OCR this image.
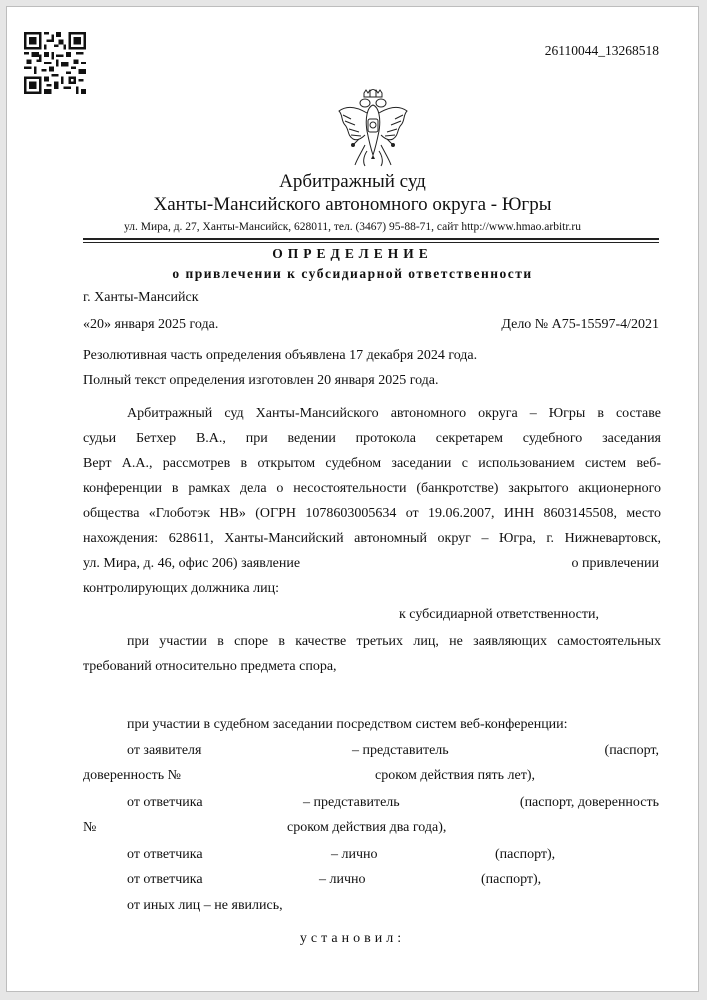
26110044_13268518
Арбитражный суд
Ханты-Мансийского автономного округа - Югры
ул. Мира, д. 27, Ханты-Мансийск, 628011, тел. (3467) 95-88-71, сайт http://www.hmao.arbitr.ru
ОПРЕДЕЛЕНИЕ
о привлечении к субсидиарной ответственности
г. Ханты-Мансийск
«20» января 2025 года.	Дело № А75-15597-4/2021
Резолютивная часть определения объявлена 17 декабря 2024 года.
Полный текст определения изготовлен 20 января 2025 года.
Арбитражный суд Ханты-Мансийского автономного округа – Югры в составе
судьи Бетхер В.А., при ведении протокола секретарем судебного заседания
Верт А.А., рассмотрев в открытом судебном заседании с использованием систем веб-
конференции в рамках дела о несостоятельности (банкротстве) закрытого акционерного
общества «Глоботэк НВ» (ОГРН 1078603005634 от 19.06.2007, ИНН 8603145508, место
нахождения: 628611, Ханты-Мансийский автономный округ – Югра, г. Нижневартовск,
ул. Мира, д. 46, офис 206) заявление	о привлечении
контролирующих должника лиц:
к субсидиарной ответственности,
при участии в споре в качестве третьих лиц, не заявляющих самостоятельных
требований относительно предмета спора,
при участии в судебном заседании посредством систем веб-конференции:
от заявителя	– представитель	(паспорт,
доверенность №	сроком действия пять лет),
от ответчика	– представитель	(паспорт, доверенность
№	сроком действия два года),
от ответчика	– лично	(паспорт),
от ответчика	– лично	(паспорт),
от иных лиц – не явились,
установил:
